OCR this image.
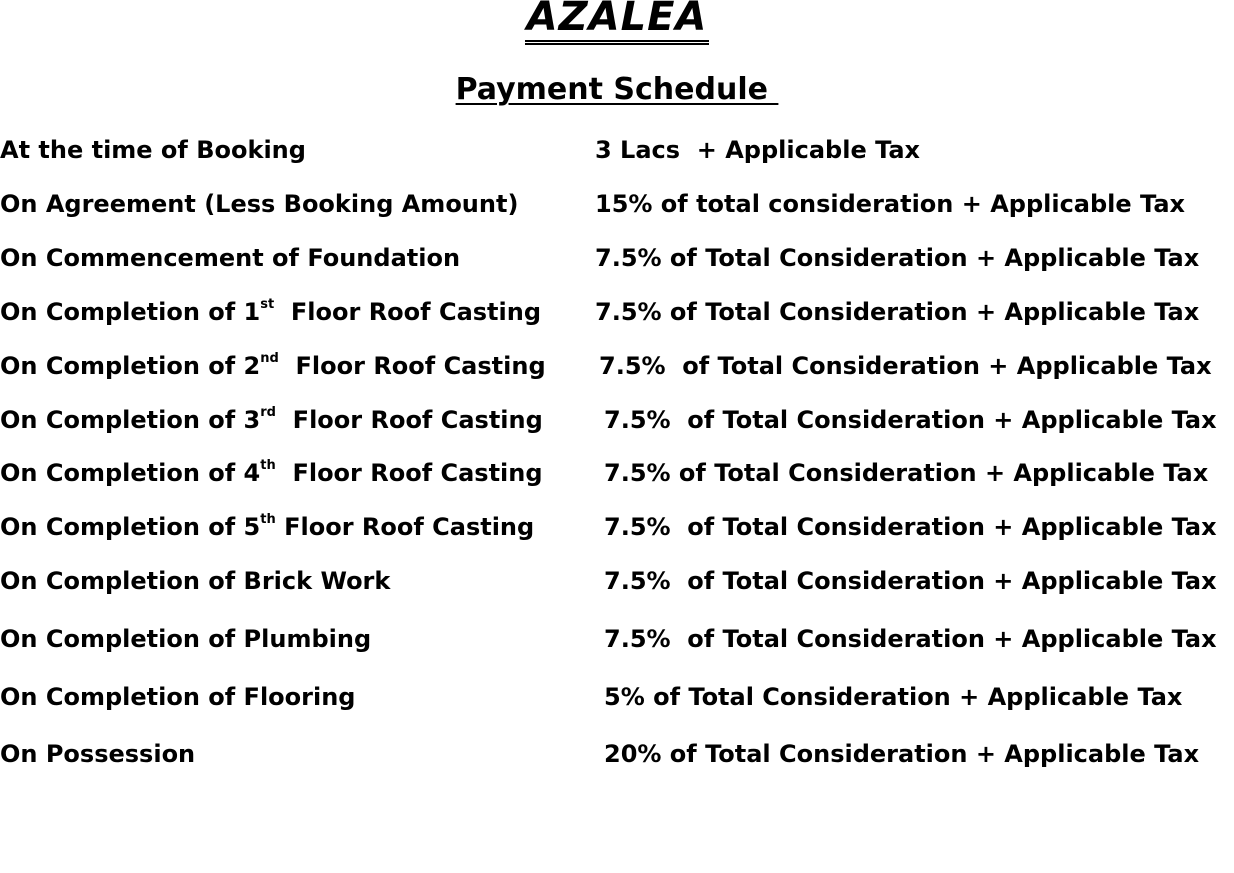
AZALEA
Payment Schedule

At the time of Booking

	3 Lacs  + Applicable Tax

On Agreement (Less Booking Amount)

	15% of total consideration + Applicable Tax

On Commencement of Foundation

	7.5% of Total Consideration + Applicable Tax

On Completion of 1st  Floor Roof Casting

7.5% of Total Consideration + Applicable Tax

On Completion of 2nd  Floor Roof Casting

7.5%  of Total Consideration + Applicable Tax

On Completion of 3rd  Floor Roof Casting

	7.5%  of Total Consideration + Applicable Tax

On Completion of 4th  Floor Roof Casting

	7.5% of Total Consideration + Applicable Tax

On Completion of 5th Floor Roof Casting

	7.5%  of Total Consideration + Applicable Tax

On Completion of Brick Work

	7.5%  of Total Consideration + Applicable Tax

On Completion of Plumbing

	7.5%  of Total Consideration + Applicable Tax

On Completion of Flooring

	5% of Total Consideration + Applicable Tax

On Possession

	20% of Total Consideration + Applicable Tax
